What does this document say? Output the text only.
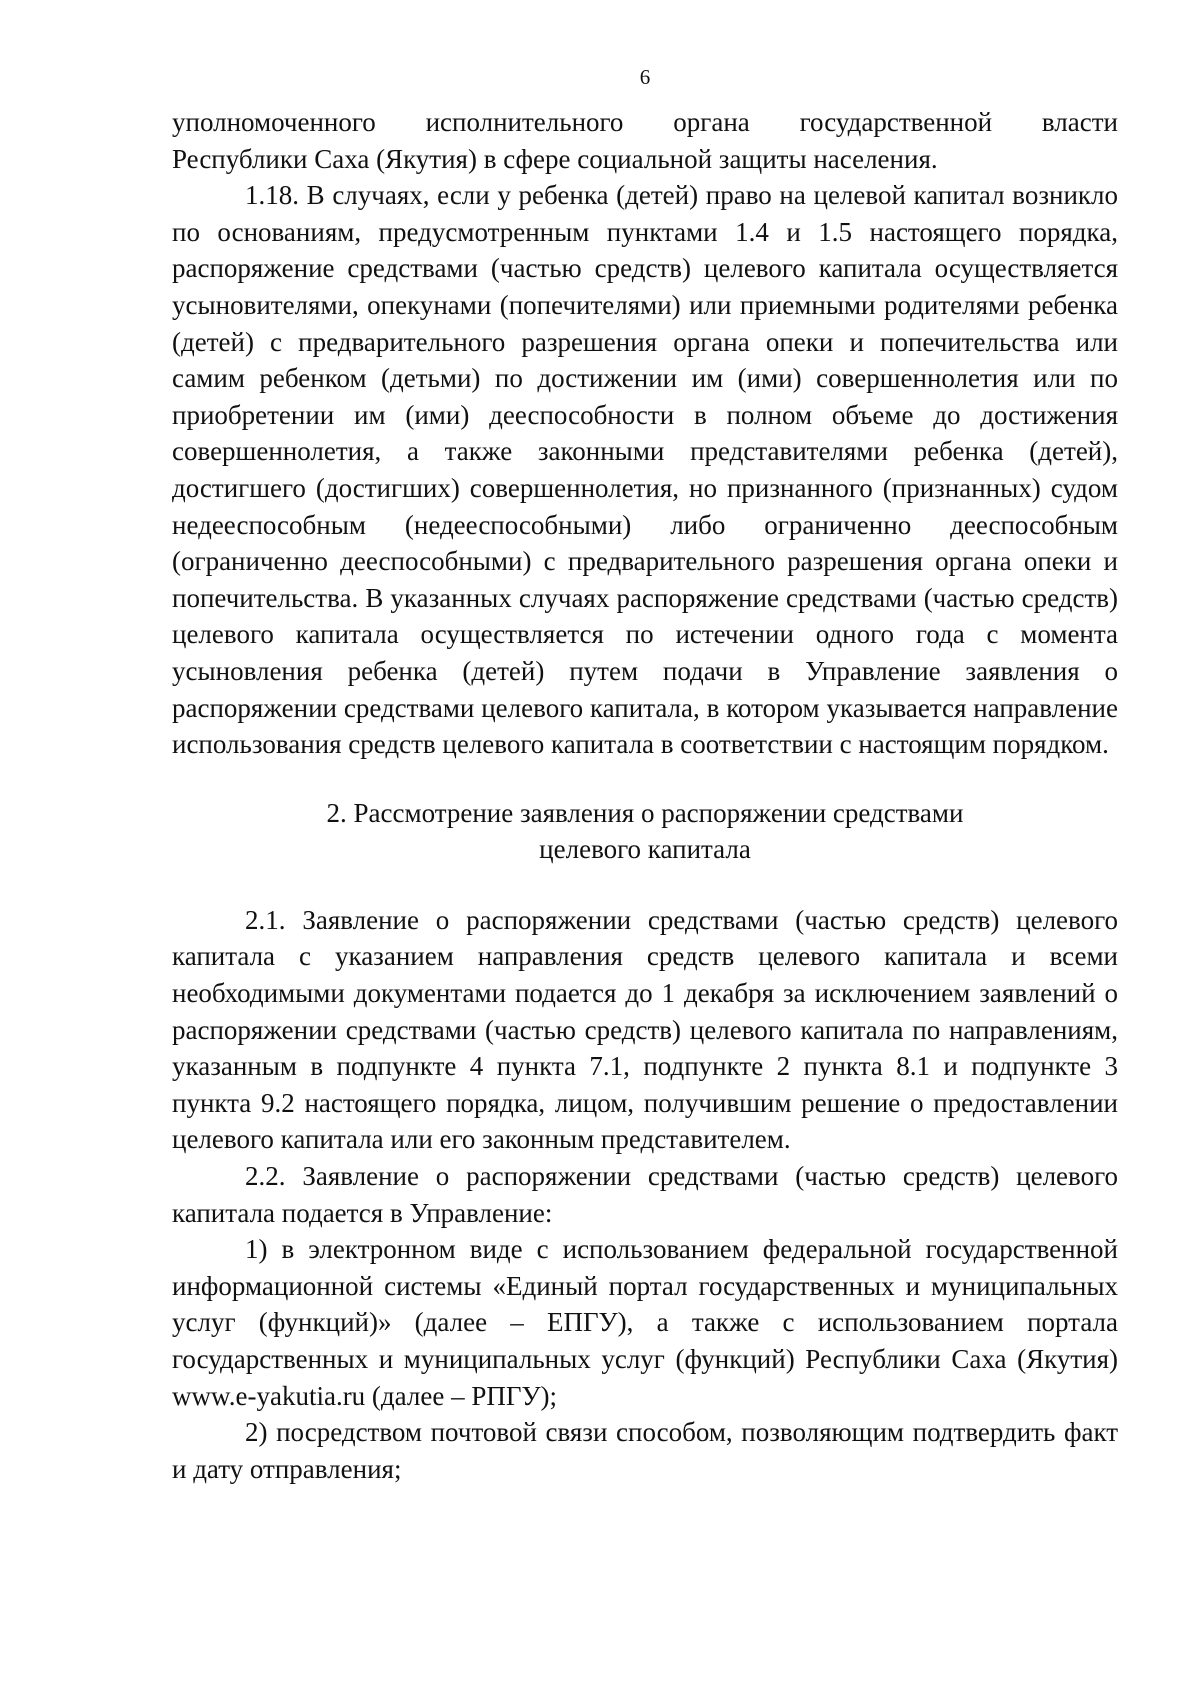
6

уполномоченного исполнительного органа государственной власти

Республики Саха (Якутия) в сфере социальной защиты населения.

1.18. В случаях, если у ребенка (детей) право на целевой капитал возникло по основаниям, предусмотренным пунктами 1.4 и 1.5 настоящего порядка, распоряжение средствами (частью средств) целевого капитала осуществляется усыновителями, опекунами (попечителями) или приемными родителями ребенка (детей) с предварительного разрешения органа опеки и попечительства или самим ребенком (детьми) по достижении им (ими) совершеннолетия или по приобретении им (ими) дееспособности в полном объеме до достижения совершеннолетия, а также законными представителями ребенка (детей), достигшего (достигших) совершеннолетия, но признанного (признанных) судом недееспособным (недееспособными) либо ограниченно дееспособным (ограниченно дееспособными) с предварительного разрешения органа опеки и попечительства. В указанных случаях распоряжение средствами (частью средств) целевого капитала осуществляется по истечении одного года с момента усыновления ребенка (детей) путем подачи в Управление заявления о распоряжении средствами целевого капитала, в котором указывается направление использования средств целевого капитала в соответствии с настоящим порядком.

2. Рассмотрение заявления о распоряжении средствами
целевого капитала

2.1. Заявление о распоряжении средствами (частью средств) целевого капитала с указанием направления средств целевого капитала и всеми необходимыми документами подается до 1 декабря за исключением заявлений о распоряжении средствами (частью средств) целевого капитала по направлениям, указанным в подпункте 4 пункта 7.1, подпункте 2 пункта 8.1 и подпункте 3 пункта 9.2 настоящего порядка, лицом, получившим решение о предоставлении целевого капитала или его законным представителем.

2.2. Заявление о распоряжении средствами (частью средств) целевого капитала подается в Управление:

1) в электронном виде с использованием федеральной государственной информационной системы «Единый портал государственных и муниципальных услуг (функций)» (далее – ЕПГУ), а также с использованием портала государственных и муниципальных услуг (функций) Республики Саха (Якутия) www.e-yakutia.ru (далее – РПГУ);

2) посредством почтовой связи способом, позволяющим подтвердить факт и дату отправления;
